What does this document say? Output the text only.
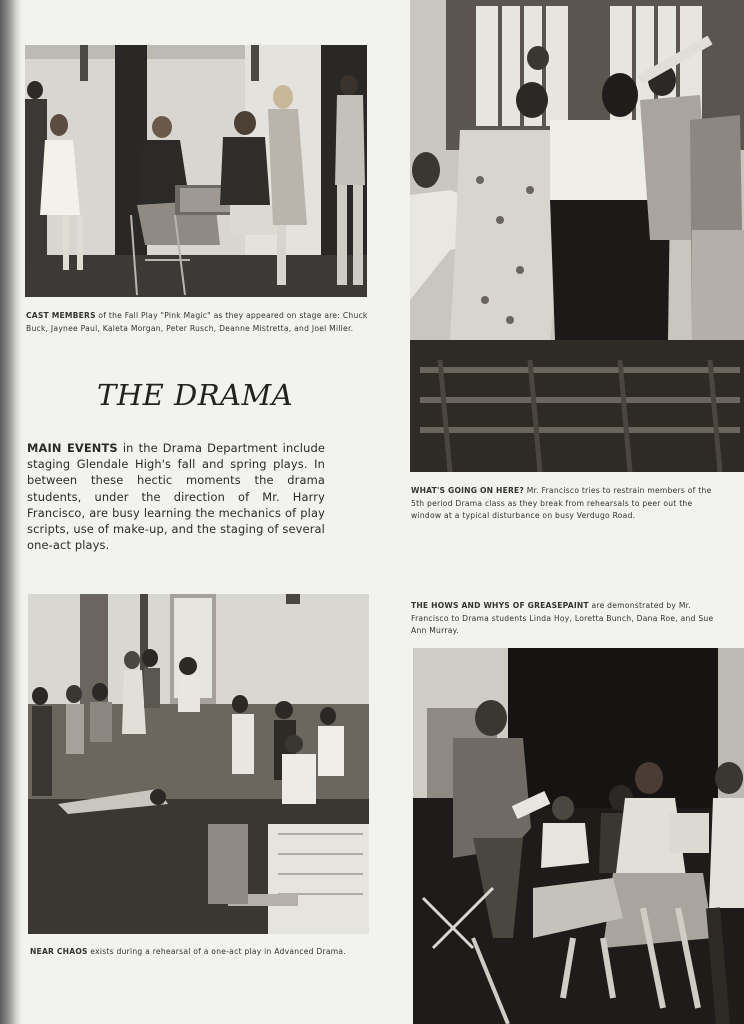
CAST MEMBERS of the Fall Play "Pink Magic" as they appeared on stage are: Chuck Buck, Jaynee Paul, Kaleta Morgan, Peter Rusch, Deanne Mistretta, and Joel Miller.
THE DRAMA
MAIN EVENTS in the Drama Department include staging Glendale High's fall and spring plays. In between these hectic moments the drama students, under the direction of Mr. Harry Francisco, are busy learning the mechanics of play scripts, use of make-up, and the staging of several one-act plays.
WHAT'S GOING ON HERE? Mr. Francisco tries to restrain members of the 5th period Drama class as they break from rehearsals to peer out the window at a typical disturbance on busy Verdugo Road.
THE HOWS AND WHYS OF GREASEPAINT are demonstrated by Mr. Francisco to Drama students Linda Hoy, Loretta Bunch, Dana Roe, and Sue Ann Murray.
NEAR CHAOS exists during a rehearsal of a one-act play in Advanced Drama.
